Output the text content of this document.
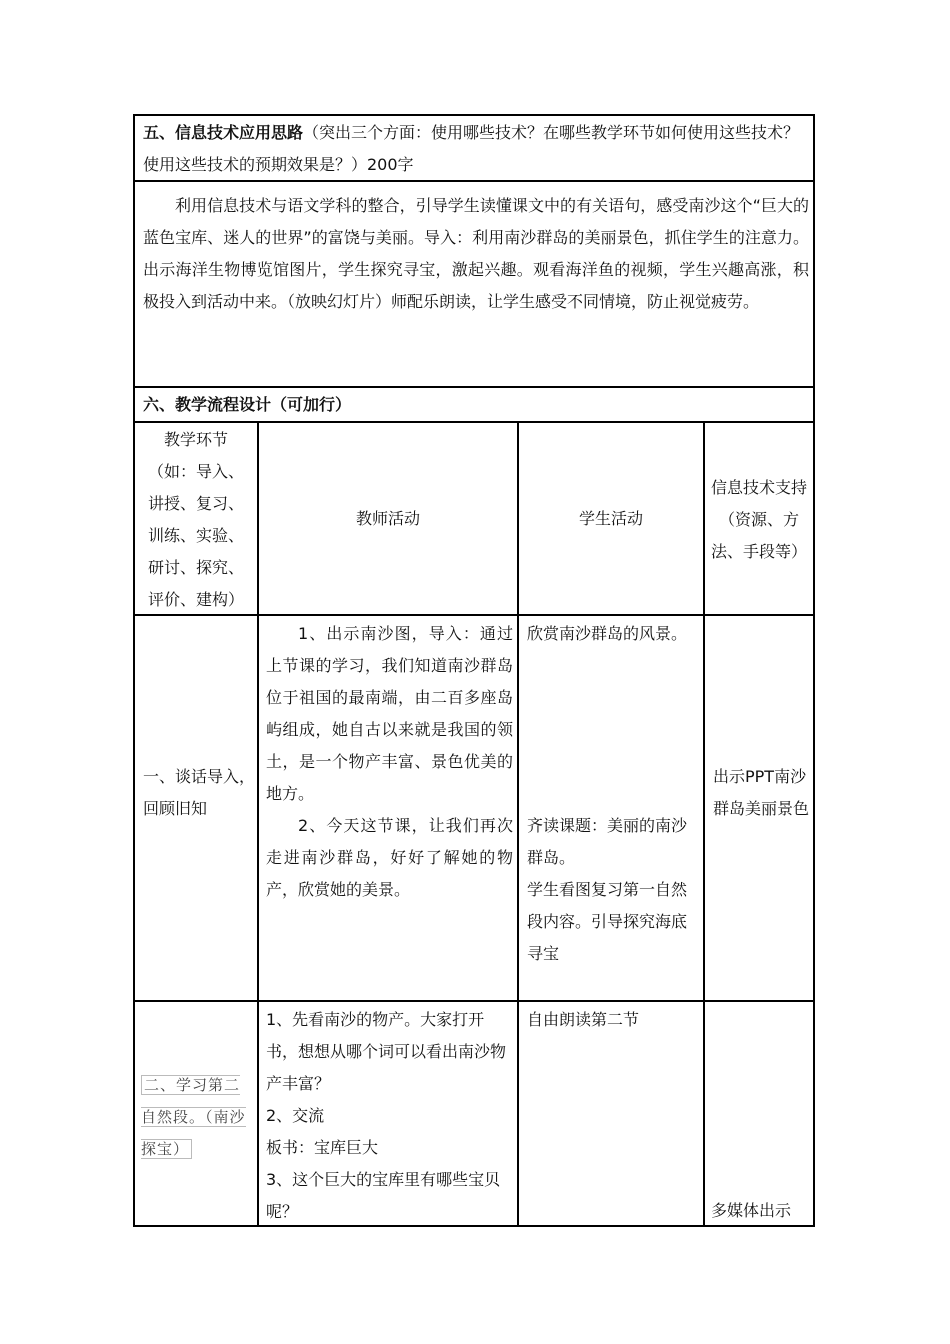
五、信息技术应用思路（突出三个方面：使用哪些技术？在哪些教学环节如何使用这些技术？使用这些技术的预期效果是？）200字
利用信息技术与语文学科的整合，引导学生读懂课文中的有关语句，感受南沙这个“巨大的蓝色宝库、迷人的世界”的富饶与美丽。导入：利用南沙群岛的美丽景色，抓住学生的注意力。出示海洋生物博览馆图片，学生探究寻宝，激起兴趣。观看海洋鱼的视频，学生兴趣高涨，积极投入到活动中来。（放映幻灯片）师配乐朗读，让学生感受不同情境，防止视觉疲劳。
六、教学流程设计（可加行）
教学环节（如：导入、讲授、复习、训练、实验、研讨、探究、评价、建构）
教师活动	学生活动
信息技术支持（资源、方法、手段等）
一、谈话导入，回顾旧知
1、出示南沙图，导入：通过上节课的学习，我们知道南沙群岛位于祖国的最南端，由二百多座岛屿组成，她自古以来就是我国的领土，是一个物产丰富、景色优美的地方。
2、今天这节课，让我们再次走进南沙群岛，好好了解她的物产，欣赏她的美景。
欣赏南沙群岛的风景。
齐读课题：美丽的南沙群岛。
学生看图复习第一自然段内容。引导探究海底寻宝
出示PPT南沙群岛美丽景色
二、学习第二自然段。（南沙探宝）
1、先看南沙的物产。大家打开书，想想从哪个词可以看出南沙物产丰富？
2、交流
板书：宝库巨大
3、这个巨大的宝库里有哪些宝贝呢？
自由朗读第二节
多媒体出示
